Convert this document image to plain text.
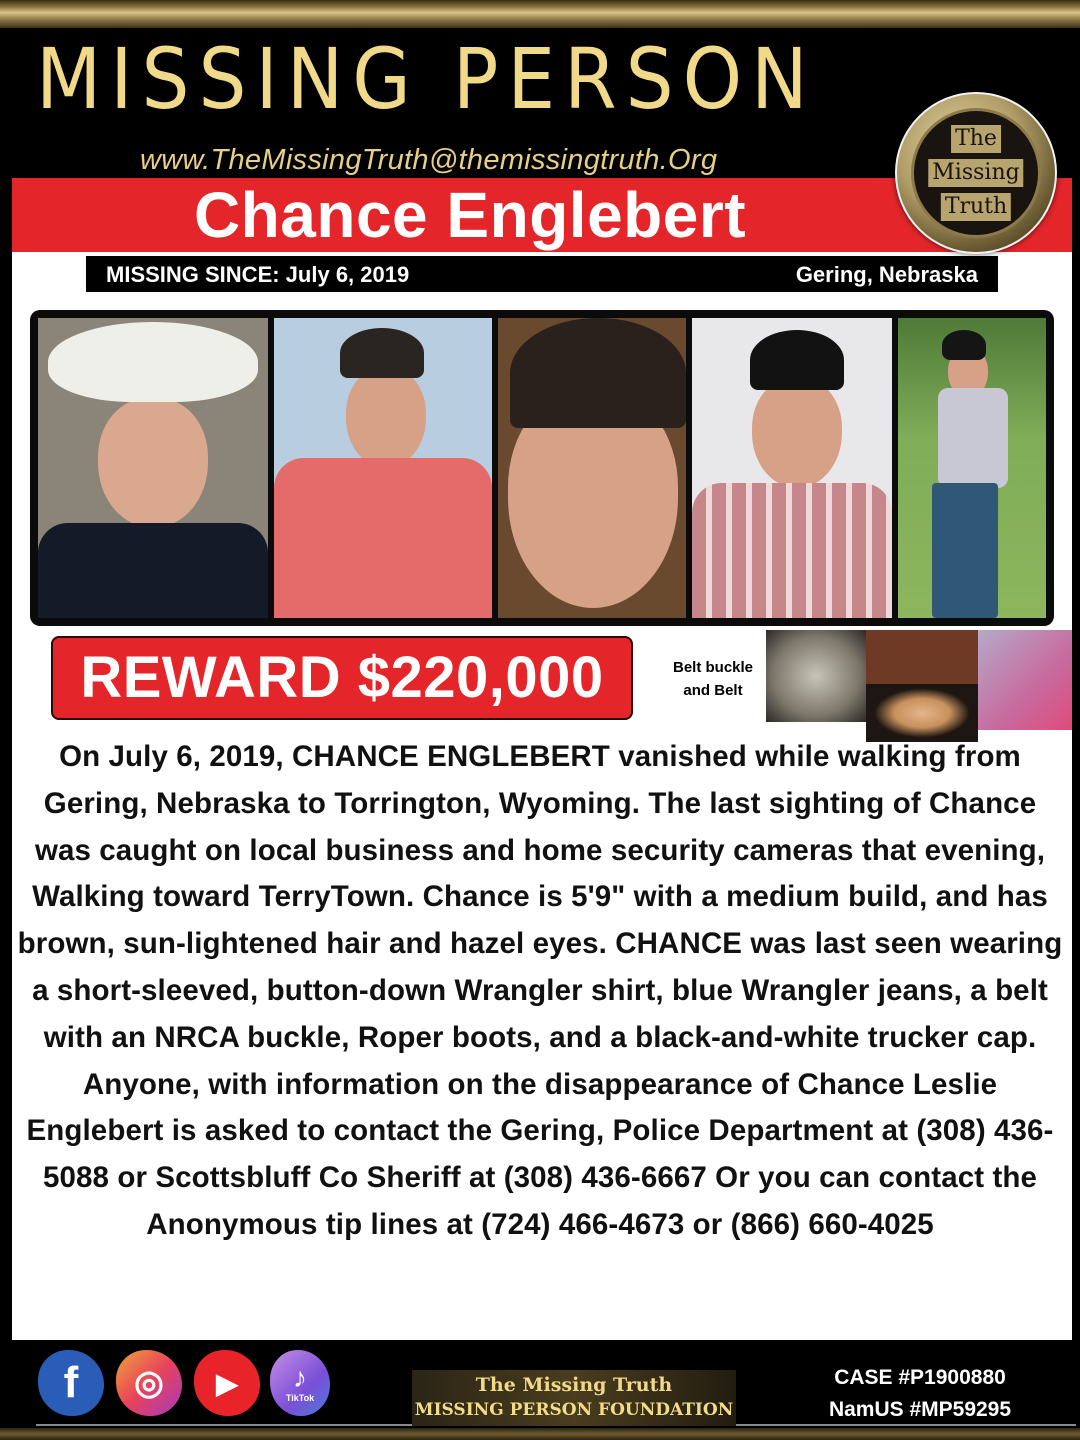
MISSING PERSON
www.TheMissingTruth@themissingtruth.Org
Chance Englebert
The
Missing
Truth
MISSING SINCE: July 6, 2019	Gering, Nebraska
REWARD $220,000	Belt buckle
and Belt
On July 6, 2019, CHANCE ENGLEBERT vanished while walking from Gering, Nebraska to Torrington, Wyoming. The last sighting of Chance was caught on local business and home security cameras that evening, Walking toward TerryTown. Chance is 5'9" with a medium build, and has brown, sun-lightened hair and hazel eyes. CHANCE was last seen wearing a short-sleeved, button-down Wrangler shirt, blue Wrangler jeans, a belt with an NRCA buckle, Roper boots, and a black-and-white trucker cap. Anyone, with information on the disappearance of Chance Leslie Englebert is asked to contact the Gering, Police Department at (308) 436-5088 or Scottsbluff Co Sheriff at (308) 436-6667 Or you can contact the Anonymous tip lines at (724) 466-4673 or (866) 660-4025
f	◎ ▶ ♪
TikTok
The Missing Truth
MISSING PERSON FOUNDATION
CASE #P1900880
NamUS #MP59295
